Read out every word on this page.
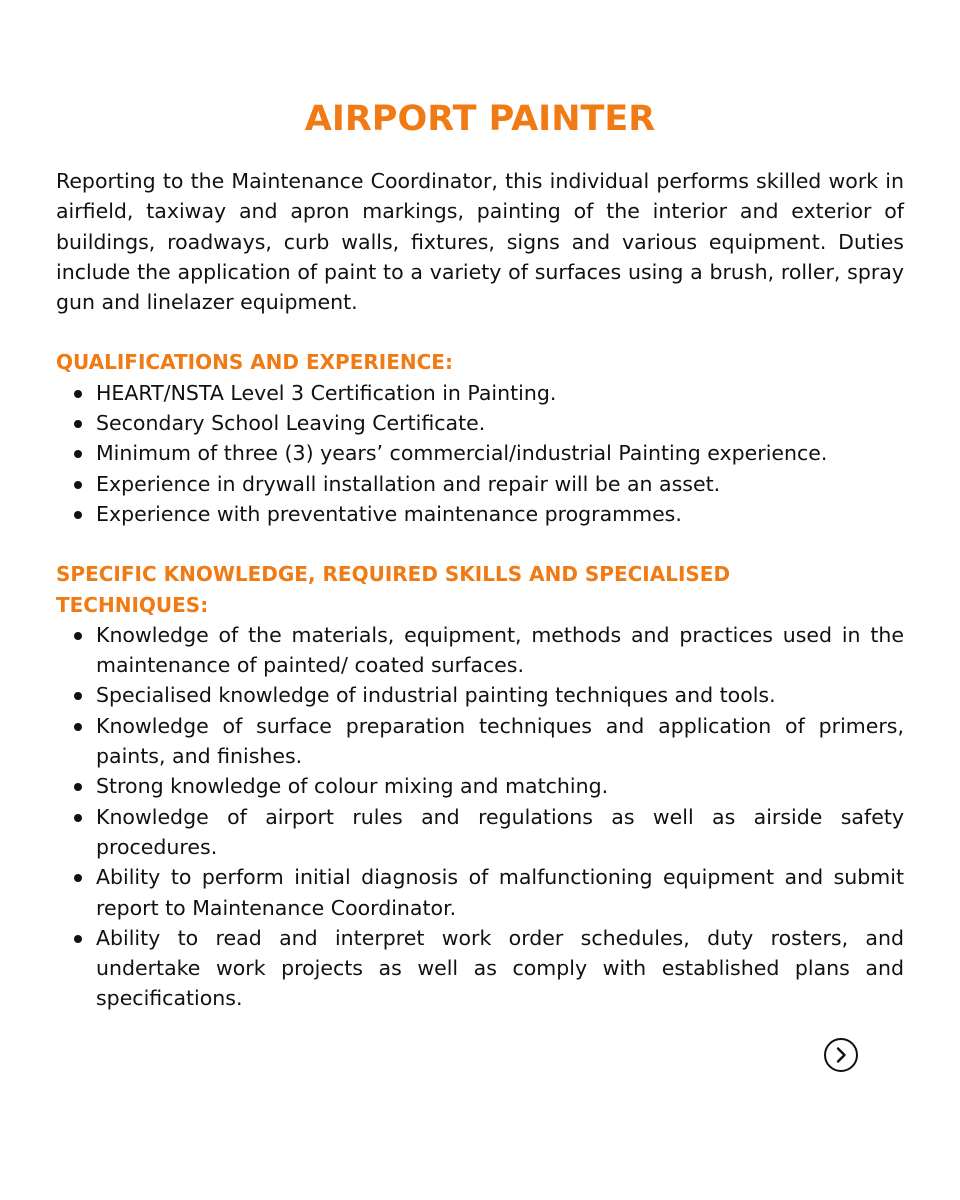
AIRPORT PAINTER

Reporting to the Maintenance Coordinator, this individual performs skilled work in airfield, taxiway and apron markings, painting of the interior and exterior of buildings, roadways, curb walls, fixtures, signs and various equipment. Duties include the application of paint to a variety of surfaces using a brush, roller, spray gun and linelazer equipment.

QUALIFICATIONS AND EXPERIENCE:
HEART/NSTA Level 3 Certification in Painting.
Secondary School Leaving Certificate.
Minimum of three (3) years’ commercial/industrial Painting experience.
Experience in drywall installation and repair will be an asset.
Experience with preventative maintenance programmes.
SPECIFIC KNOWLEDGE, REQUIRED SKILLS AND SPECIALISED TECHNIQUES:
Knowledge of the materials, equipment, methods and practices used in the maintenance of painted/ coated surfaces.
Specialised knowledge of industrial painting techniques and tools.
Knowledge of surface preparation techniques and application of primers, paints, and finishes.
Strong knowledge of colour mixing and matching.
Knowledge of airport rules and regulations as well as airside safety procedures.
Ability to perform initial diagnosis of malfunctioning equipment and submit report to Maintenance Coordinator.
Ability to read and interpret work order schedules, duty rosters, and undertake work projects as well as comply with established plans and specifications.
